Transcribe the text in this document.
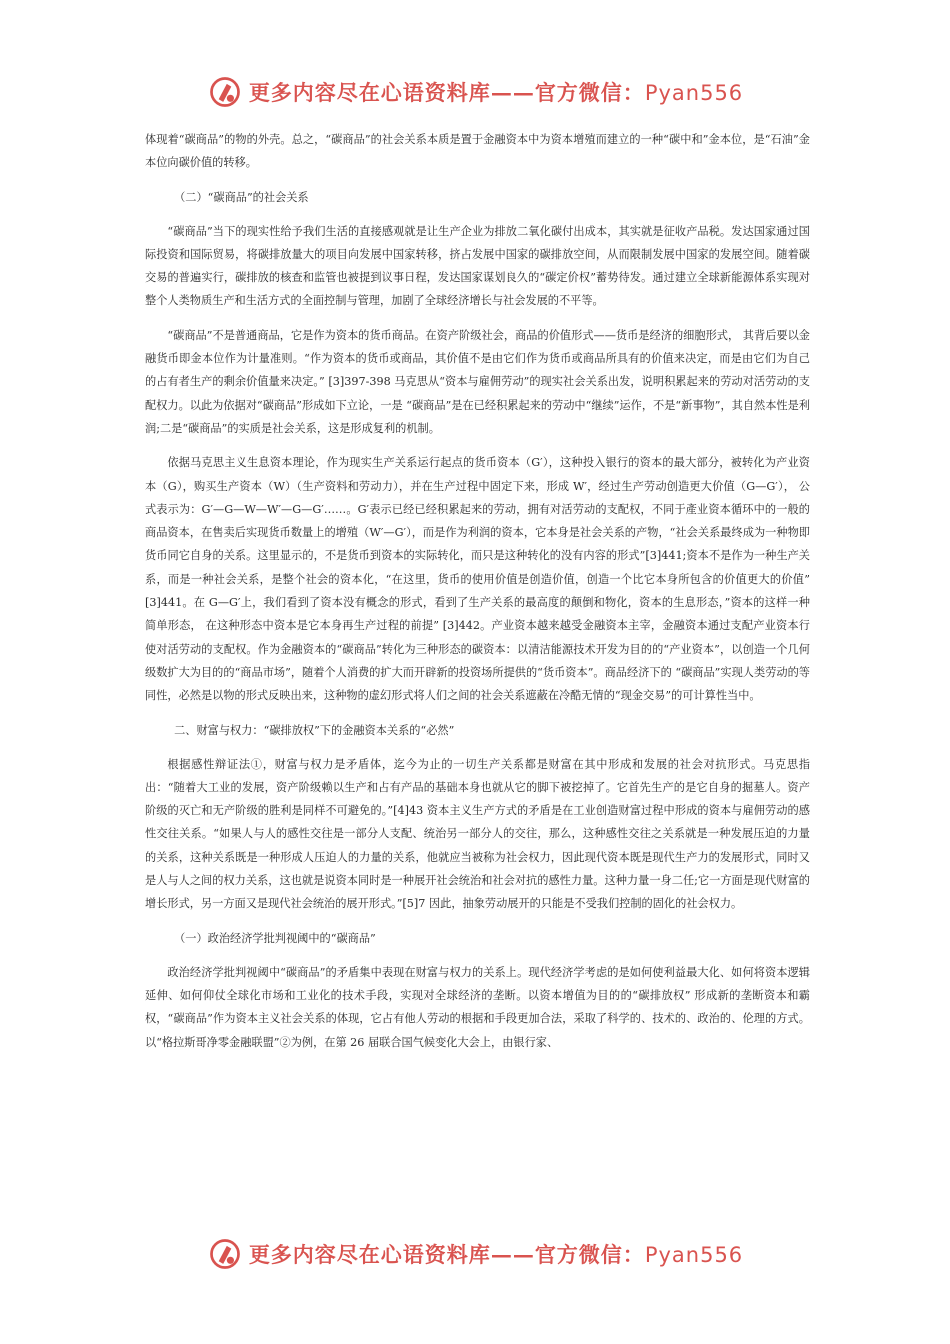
更多内容尽在心语资料库——官方微信：Pyan556
体现着“碳商品”的物的外壳。总之，“碳商品”的社会关系本质是置于金融资本中为资本增殖而建立的一种“碳中和”金本位，是“石油”金本位向碳价值的转移。
（二）“碳商品”的社会关系
“碳商品”当下的现实性给予我们生活的直接感观就是让生产企业为排放二氧化碳付出成本，其实就是征收产品税。发达国家通过国际投资和国际贸易，将碳排放量大的项目向发展中国家转移，挤占发展中国家的碳排放空间，从而限制发展中国家的发展空间。随着碳交易的普遍实行，碳排放的核查和监管也被提到议事日程，发达国家谋划良久的“碳定价权”蓄势待发。通过建立全球新能源体系实现对整个人类物质生产和生活方式的全面控制与管理，加剧了全球经济增长与社会发展的不平等。
“碳商品”不是普通商品，它是作为资本的货币商品。在资产阶级社会，商品的价值形式——货币是经济的细胞形式， 其背后要以金融货币即金本位作为计量准则。“作为资本的货币或商品，其价值不是由它们作为货币或商品所具有的价值来决定，而是由它们为自己的占有者生产的剩余价值量来决定。” [3]397-398 马克思从“资本与雇佣劳动”的现实社会关系出发，说明积累起来的劳动对活劳动的支配权力。以此为依据对“碳商品”形成如下立论，一是 “碳商品”是在已经积累起来的劳动中“继续”运作，不是“新事物”，其自然本性是利润;二是“碳商品”的实质是社会关系，这是形成复利的机制。
依据马克思主义生息资本理论，作为现实生产关系运行起点的货币资本（G′），这种投入银行的资本的最大部分，被转化为产业资本（G），购买生产资本（W）（生产资料和劳动力），并在生产过程中固定下来，形成 W′，经过生产劳动创造更大价值（G—G′）， 公式表示为：G′—G—W—W′—G—G′……。G′表示已经已经积累起来的劳动，拥有对活劳动的支配权，不同于產业资本循环中的一般的商品资本，在售卖后实现货币数量上的增殖（W′—G′），而是作为利润的资本，它本身是社会关系的产物，“社会关系最终成为一种物即货币同它自身的关系。这里显示的，不是货币到资本的实际转化，而只是这种转化的没有内容的形式”[3]441;资本不是作为一种生产关系，而是一种社会关系，是整个社会的资本化，“在这里，货币的使用价值是创造价值，创造一个比它本身所包含的价值更大的价值” [3]441。在 G—G′上，我们看到了资本没有概念的形式，看到了生产关系的最高度的颠倒和物化，资本的生息形态，”资本的这样一种简单形态， 在这种形态中资本是它本身再生产过程的前提” [3]442。产业资本越来越受金融资本主宰，金融资本通过支配产业资本行使对活劳动的支配权。作为金融资本的“碳商品”转化为三种形态的碳资本：以清洁能源技术开发为目的的“产业资本”，以创造一个几何级数扩大为目的的“商品市场”，随着个人消费的扩大而开辟新的投资场所提供的“货币资本”。商品经济下的 “碳商品”实现人类劳动的等同性，必然是以物的形式反映出来，这种物的虚幻形式将人们之间的社会关系遮蔽在冷酷无情的“现金交易”的可计算性当中。
二、财富与权力：“碳排放权”下的金融资本关系的“必然”
根据感性辩证法①，财富与权力是矛盾体，迄今为止的一切生产关系都是财富在其中形成和发展的社会对抗形式。马克思指出：“随着大工业的发展，资产阶级赖以生产和占有产品的基础本身也就从它的脚下被挖掉了。它首先生产的是它自身的掘墓人。资产阶级的灭亡和无产阶级的胜利是同样不可避免的。”[4]43 资本主义生产方式的矛盾是在工业创造财富过程中形成的资本与雇佣劳动的感性交往关系。“如果人与人的感性交往是一部分人支配、统治另一部分人的交往，那么，这种感性交往之关系就是一种发展压迫的力量的关系，这种关系既是一种形成人压迫人的力量的关系，他就应当被称为社会权力，因此现代资本既是现代生产力的发展形式，同时又是人与人之间的权力关系，这也就是说资本同时是一种展开社会统治和社会对抗的感性力量。这种力量一身二任;它一方面是现代财富的增长形式，另一方面又是现代社会统治的展开形式。”[5]7 因此，抽象劳动展开的只能是不受我们控制的固化的社会权力。
（一）政治经济学批判视阈中的“碳商品”
政治经济学批判视阈中“碳商品”的矛盾集中表现在财富与权力的关系上。现代经济学考虑的是如何使利益最大化、如何将资本逻辑延伸、如何仰仗全球化市场和工业化的技术手段，实现对全球经济的垄断。以资本增值为目的的“碳排放权” 形成新的垄断资本和霸权，“碳商品”作为资本主义社会关系的体现，它占有他人劳动的根据和手段更加合法，采取了科学的、技术的、政治的、伦理的方式。以“格拉斯哥净零金融联盟”②为例，在第 26 届联合国气候变化大会上，由银行家、
更多内容尽在心语资料库——官方微信：Pyan556
